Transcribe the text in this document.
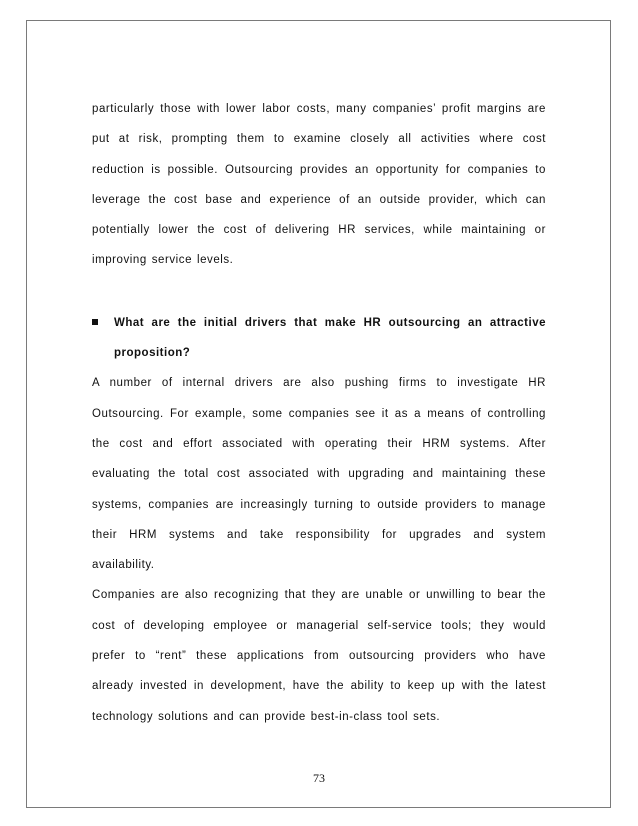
particularly those with lower labor costs, many companies’ profit margins are put at risk, prompting them to examine closely all activities where cost reduction is possible. Outsourcing provides an opportunity for companies to leverage the cost base and experience of an outside provider, which can potentially lower the cost of delivering HR services, while maintaining or improving service levels.

What are the initial drivers that make HR outsourcing an attractive proposition?

A number of internal drivers are also pushing firms to investigate HR Outsourcing. For example, some companies see it as a means of controlling the cost and effort associated with operating their HRM systems. After evaluating the total cost associated with upgrading and maintaining these systems, companies are increasingly turning to outside providers to manage their HRM systems and take responsibility for upgrades and system availability.

Companies are also recognizing that they are unable or unwilling to bear the cost of developing employee or managerial self-service tools; they would prefer to “rent” these applications from outsourcing providers who have already invested in development, have the ability to keep up with the latest technology solutions and can provide best-in-class tool sets.

73
